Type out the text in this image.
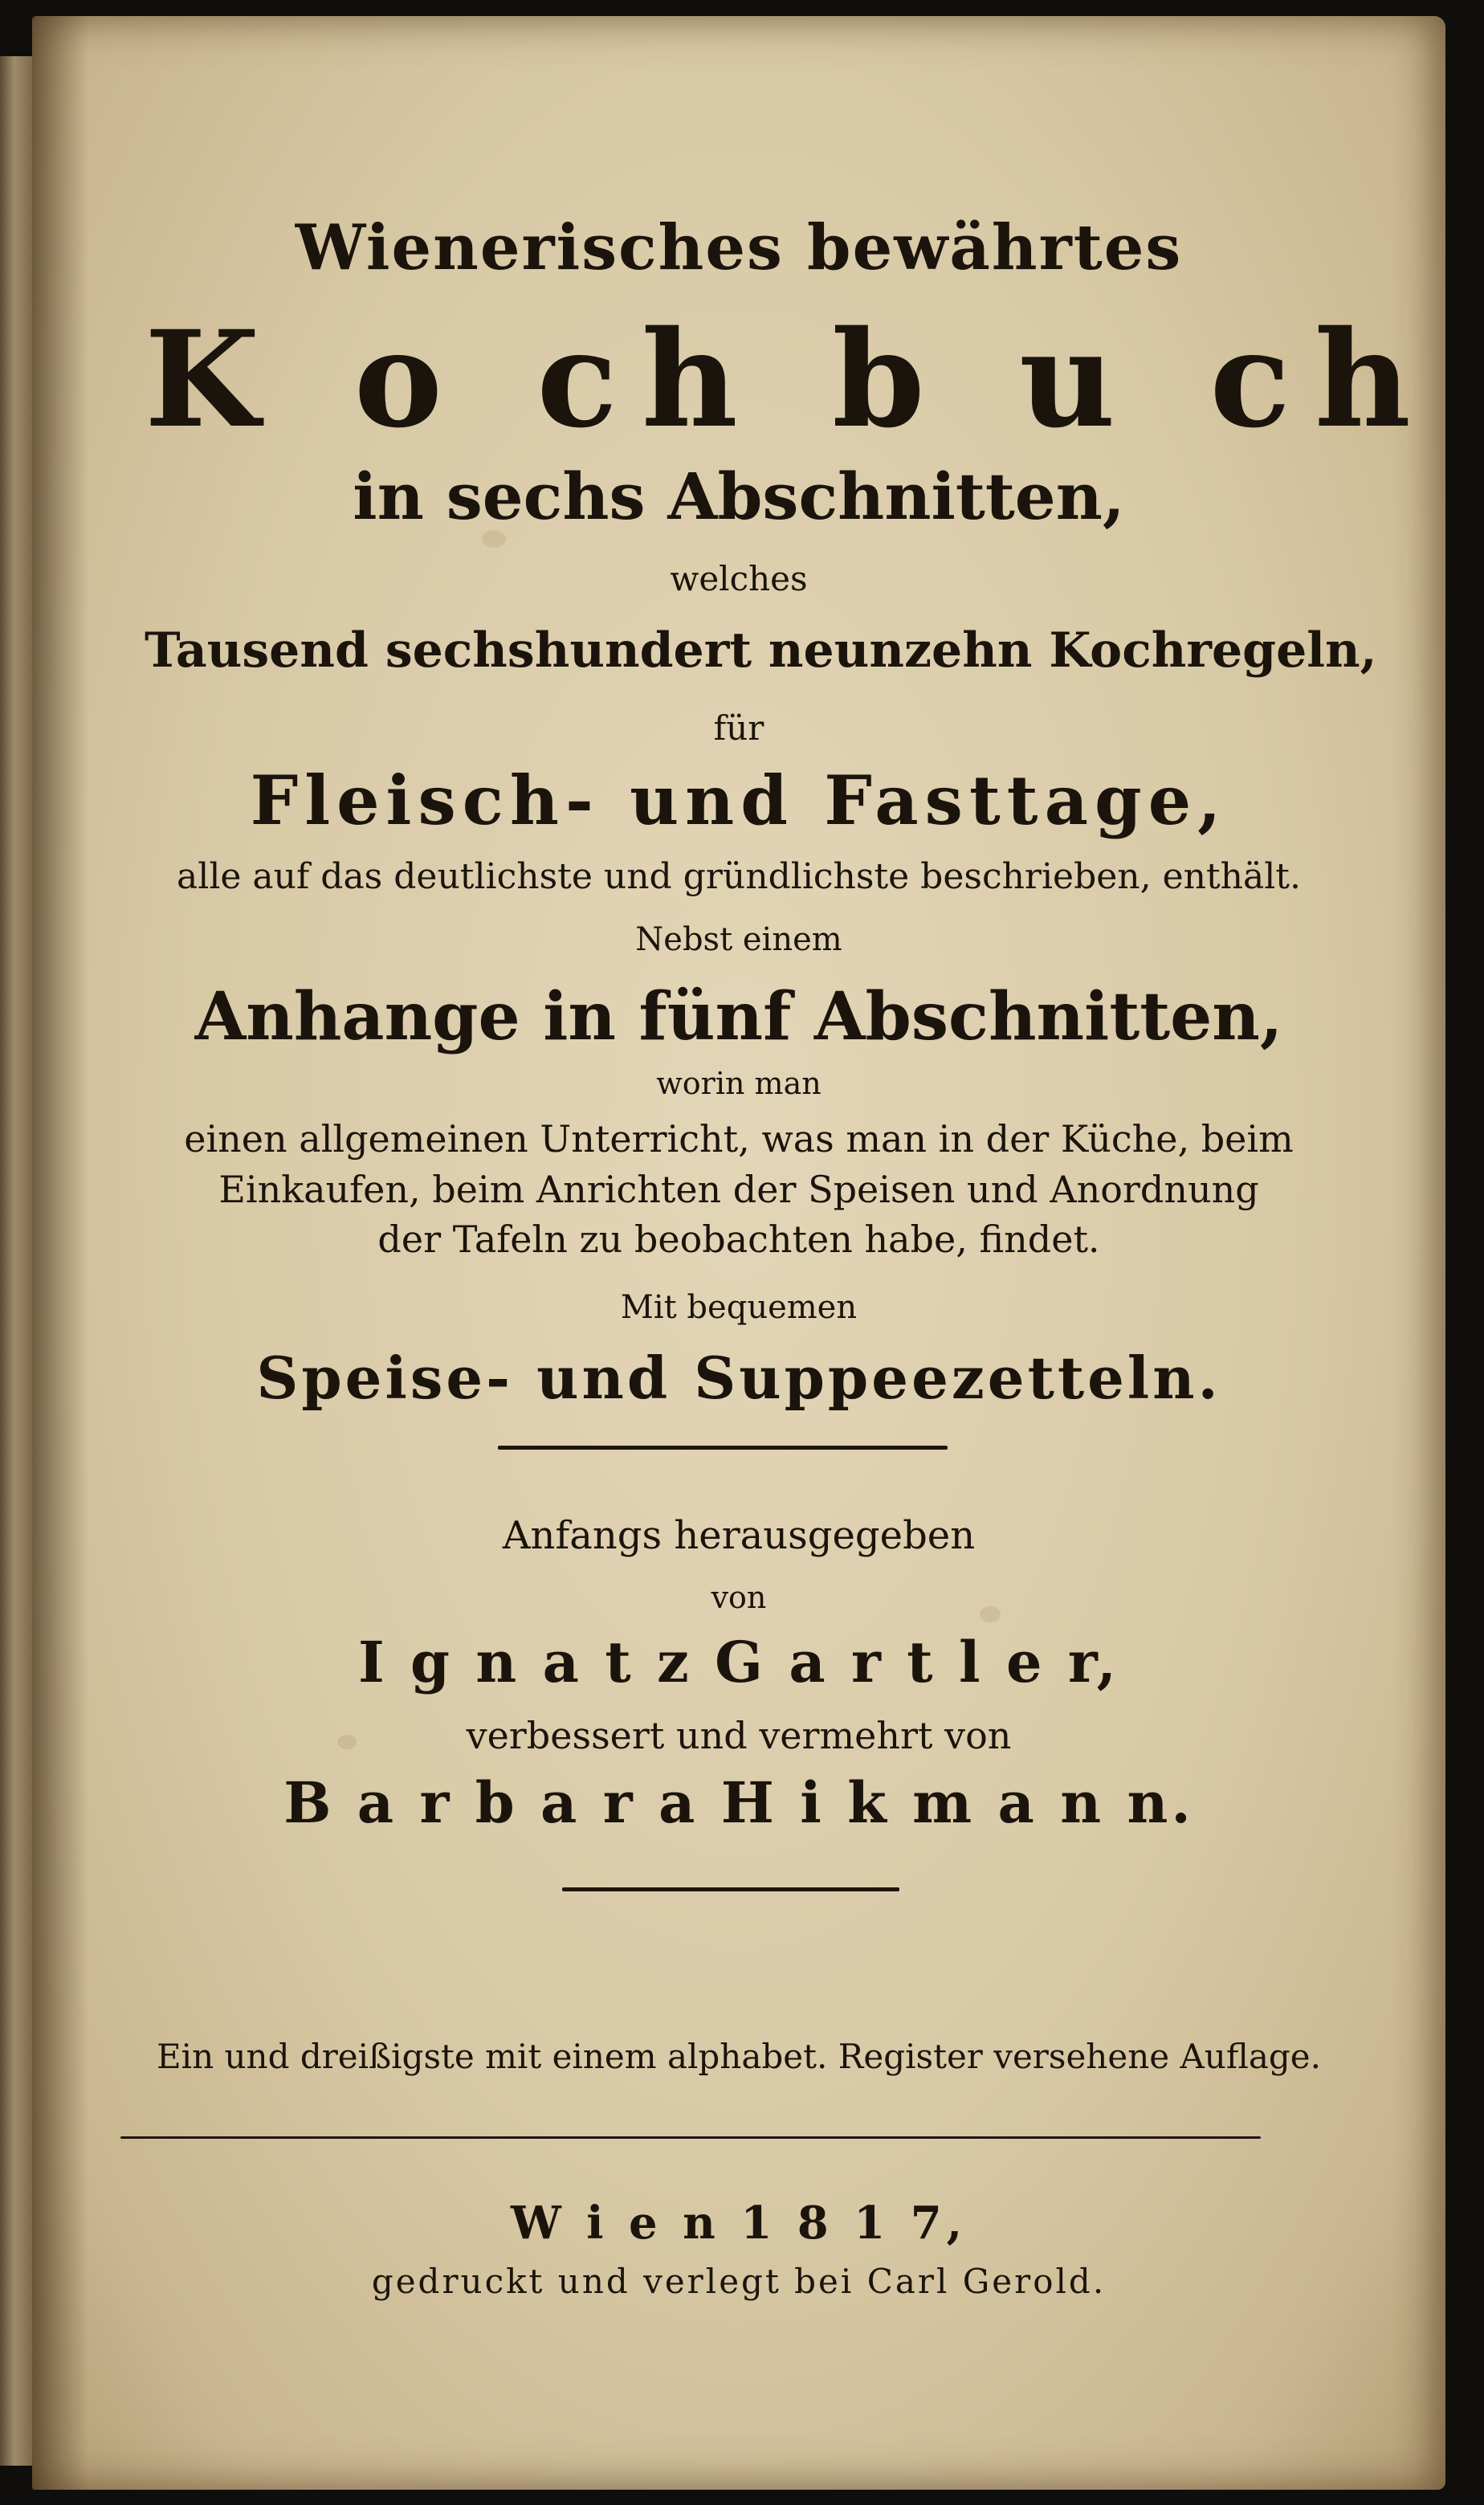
Wienerisches bewährtes
K o ch b u ch
in sechs Abschnitten,
welches
Tausend sechshundert neunzehn Kochregeln,
für
Fleisch- und Fasttage,
alle auf das deutlichste und gründlichste beschrieben, enthält.
Nebst einem
Anhange in fünf Abschnitten,
worin man
einen allgemeinen Unterricht, was man in der Küche, beim
Einkaufen, beim Anrichten der Speisen und Anordnung
der Tafeln zu beobachten habe, findet.
Mit bequemen
Speise- und Suppeezetteln.
Anfangs herausgegeben
von
I g n a t z G a r t l e r,
verbessert und vermehrt von
B a r b a r a H i k m a n n.
Ein und dreißigste mit einem alphabet. Register versehene Auflage.
W i e n 1 8 1 7,
gedruckt und verlegt bei Carl Gerold.
